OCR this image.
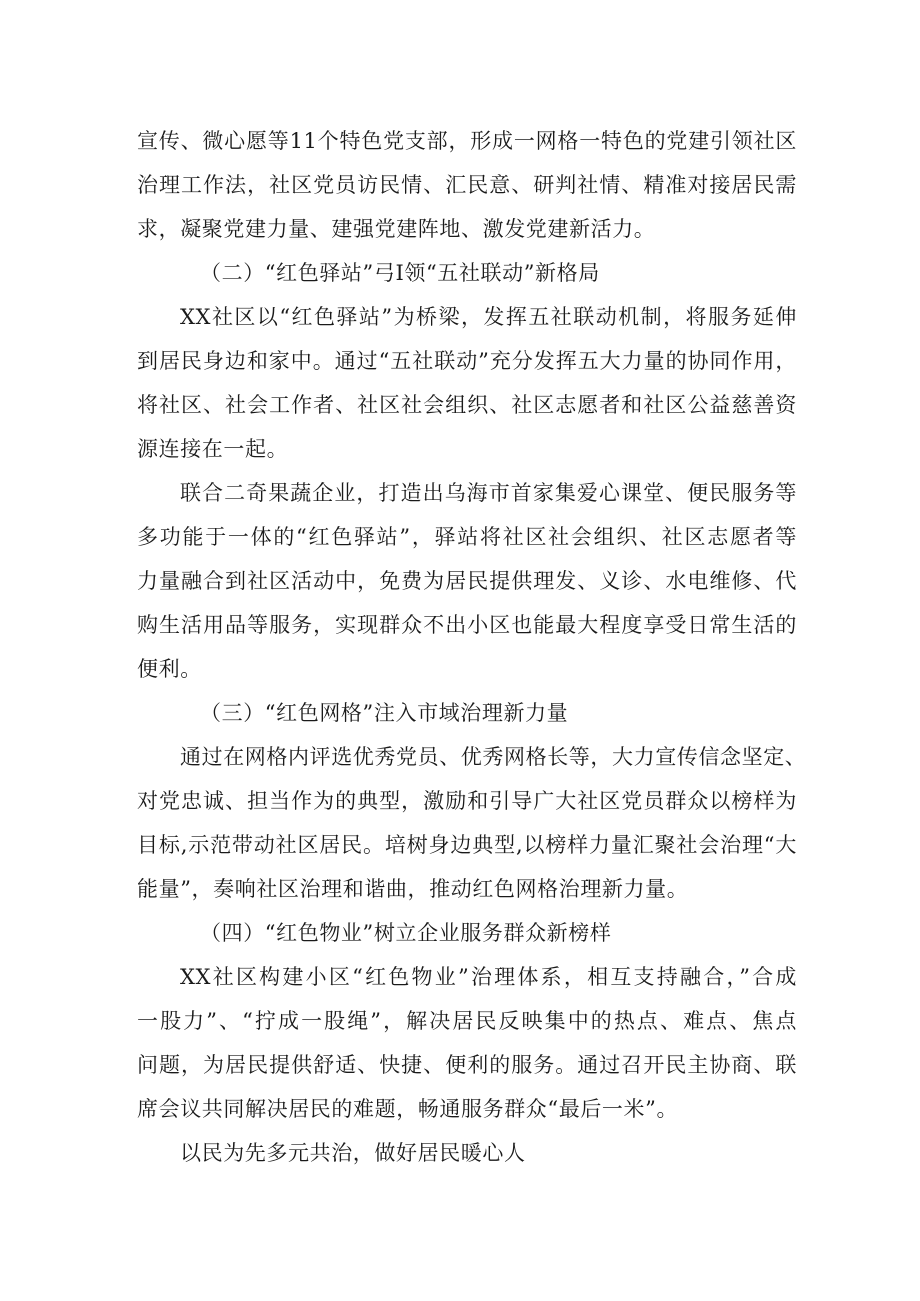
宣传、微心愿等11个特色党支部，形成一网格一特色的党建引领社区
治理工作法，社区党员访民情、汇民意、研判社情、精准对接居民需
求，凝聚党建力量、建强党建阵地、激发党建新活力。
（二）“红色驿站”弓I领“五社联动”新格局
XX社区以“红色驿站”为桥梁，发挥五社联动机制，将服务延伸
到居民身边和家中。通过“五社联动”充分发挥五大力量的协同作用，
将社区、社会工作者、社区社会组织、社区志愿者和社区公益慈善资
源连接在一起。
联合二奇果蔬企业，打造出乌海市首家集爱心课堂、便民服务等
多功能于一体的“红色驿站”，驿站将社区社会组织、社区志愿者等
力量融合到社区活动中，免费为居民提供理发、义诊、水电维修、代
购生活用品等服务，实现群众不出小区也能最大程度享受日常生活的
便利。
（三）“红色网格”注入市域治理新力量
通过在网格内评选优秀党员、优秀网格长等，大力宣传信念坚定、
对党忠诚、担当作为的典型，激励和引导广大社区党员群众以榜样为
目标,示范带动社区居民。培树身边典型,以榜样力量汇聚社会治理“大
能量”，奏响社区治理和谐曲，推动红色网格治理新力量。
（四）“红色物业”树立企业服务群众新榜样
XX社区构建小区“红色物业”治理体系，相互支持融合，”合成
一股力”、“拧成一股绳”，解决居民反映集中的热点、难点、焦点
问题，为居民提供舒适、快捷、便利的服务。通过召开民主协商、联
席会议共同解决居民的难题，畅通服务群众“最后一米”。
以民为先多元共治，做好居民暖心人
